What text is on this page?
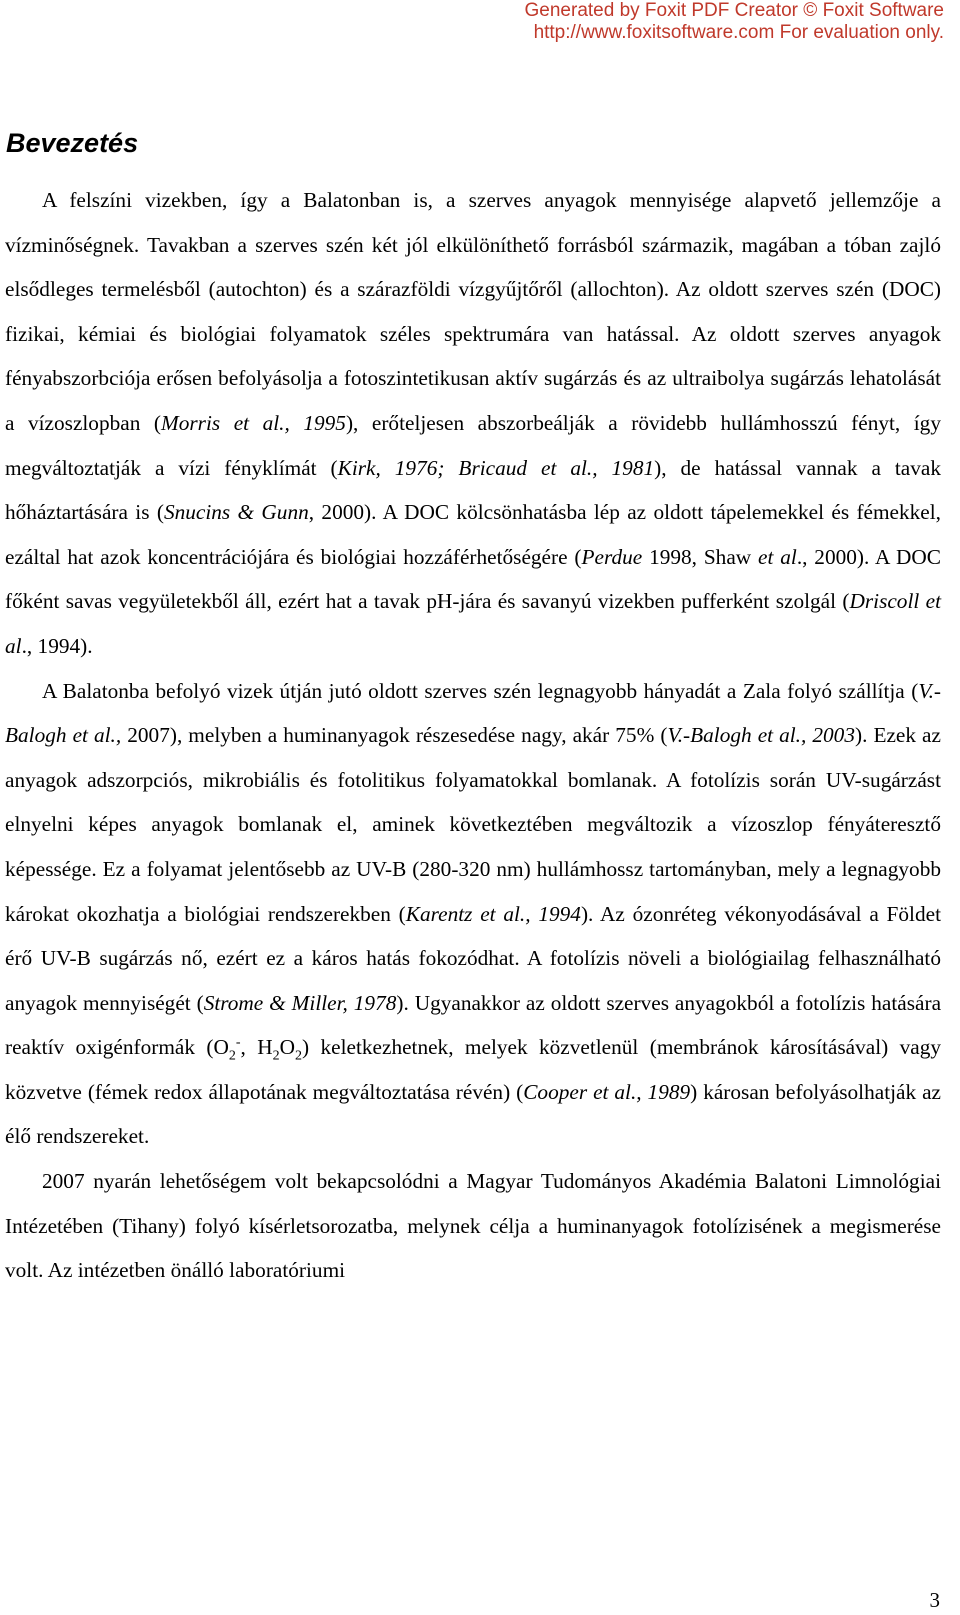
Generated by Foxit PDF Creator © Foxit Software
http://www.foxitsoftware.com For evaluation only.
Bevezetés

A felszíni vizekben, így a Balatonban is, a szerves anyagok mennyisége alapvető jellemzője a vízminőségnek. Tavakban a szerves szén két jól elkülöníthető forrásból származik, magában a tóban zajló elsődleges termelésből (autochton) és a szárazföldi vízgyűjtőről (allochton). Az oldott szerves szén (DOC) fizikai, kémiai és biológiai folyamatok széles spektrumára van hatással. Az oldott szerves anyagok fényabszorbciója erősen befolyásolja a fotoszintetikusan aktív sugárzás és az ultraibolya sugárzás lehatolását a vízoszlopban (Morris et al., 1995), erőteljesen abszorbeálják a rövidebb hullámhosszú fényt, így megváltoztatják a vízi fényklímát (Kirk, 1976; Bricaud et al., 1981), de hatással vannak a tavak hőháztartására is (Snucins & Gunn, 2000). A DOC kölcsönhatásba lép az oldott tápelemekkel és fémekkel, ezáltal hat azok koncentrációjára és biológiai hozzáférhetőségére (Perdue 1998, Shaw et al., 2000). A DOC főként savas vegyületekből áll, ezért hat a tavak pH-jára és savanyú vizekben pufferként szolgál (Driscoll et al., 1994).

A Balatonba befolyó vizek útján jutó oldott szerves szén legnagyobb hányadát a Zala folyó szállítja (V.-Balogh et al., 2007), melyben a huminanyagok részesedése nagy, akár 75% (V.-Balogh et al., 2003). Ezek az anyagok adszorpciós, mikrobiális és fotolitikus folyamatokkal bomlanak. A fotolízis során UV-sugárzást elnyelni képes anyagok bomlanak el, aminek következtében megváltozik a vízoszlop fényáteresztő képessége. Ez a folyamat jelentősebb az UV-B (280-320 nm) hullámhossz tartományban, mely a legnagyobb károkat okozhatja a biológiai rendszerekben (Karentz et al., 1994). Az ózonréteg vékonyodásával a Földet érő UV-B sugárzás nő, ezért ez a káros hatás fokozódhat. A fotolízis növeli a biológiailag felhasználható anyagok mennyiségét (Strome & Miller, 1978). Ugyanakkor az oldott szerves anyagokból a fotolízis hatására reaktív oxigénformák ($O_2^-$, $H_2O_2$) keletkezhetnek, melyek közvetlenül (membránok károsításával) vagy közvetve (fémek redox állapotának megváltoztatása révén) (Cooper et al., 1989) károsan befolyásolhatják az élő rendszereket.

2007 nyarán lehetőségem volt bekapcsolódni a Magyar Tudományos Akadémia Balatoni Limnológiai Intézetében (Tihany) folyó kísérletsorozatba, melynek célja a huminanyagok fotolízisének a megismerése volt. Az intézetben önálló laboratóriumi

3
